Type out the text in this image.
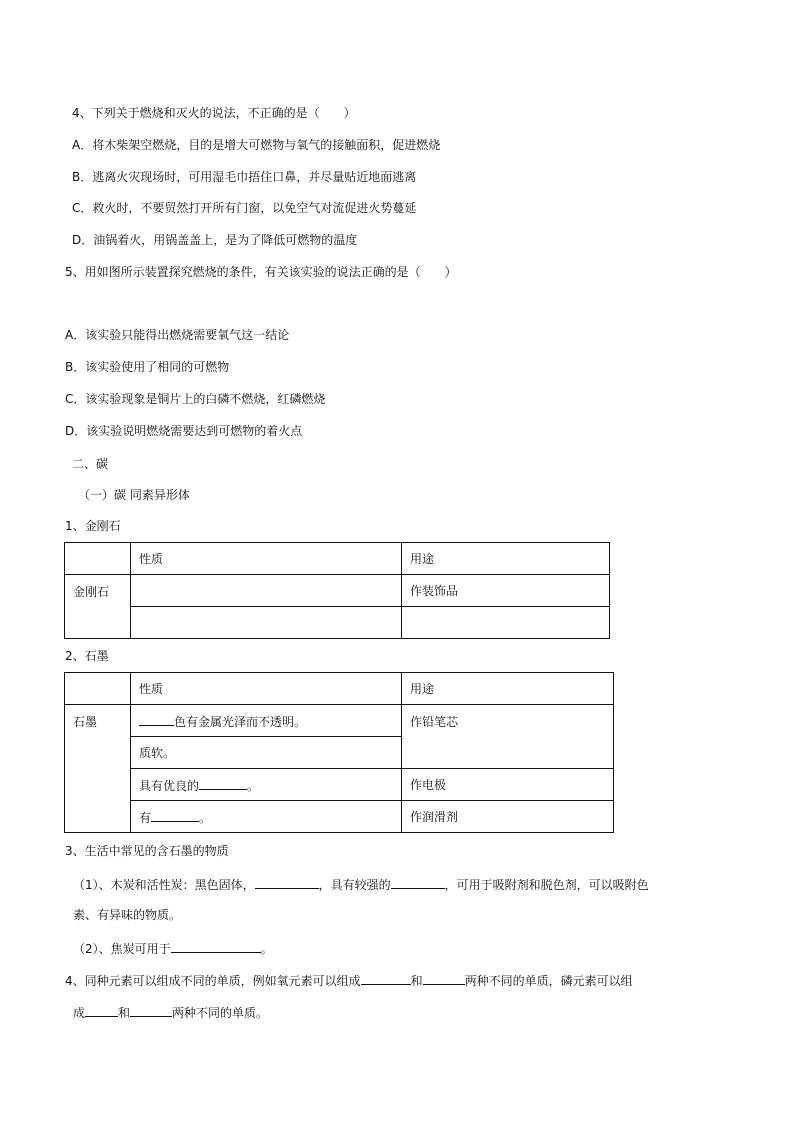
4、下列关于燃烧和灭火的说法，不正确的是（　　）
A．将木柴架空燃烧，目的是增大可燃物与氧气的接触面积，促进燃烧
B．逃离火灾现场时，可用湿毛巾捂住口鼻，并尽量贴近地面逃离
C．救火时，不要贸然打开所有门窗，以免空气对流促进火势蔓延
D．油锅着火，用锅盖盖上，是为了降低可燃物的温度
5、用如图所示装置探究燃烧的条件，有关该实验的说法正确的是（　　）
A．该实验只能得出燃烧需要氧气这一结论
B．该实验使用了相同的可燃物
C．该实验现象是铜片上的白磷不燃烧，红磷燃烧
D．该实验说明燃烧需要达到可燃物的着火点
二、碳
（一）碳 同素异形体
1、金刚石
	性质	用途
金刚石		作装饰品

2、石墨
	性质	用途
石墨	色有金属光泽而不透明。	作铅笔芯
	质软。	
	具有优良的 。	作电极
	有 。	作润滑剂
3、生活中常见的含石墨的物质
（1）、木炭和活性炭：黑色固体，	，具有较强的	，可用于吸附剂和脱色剂，可以吸附色
素、有异味的物质。
（2）、焦炭可用于	。
4、同种元素可以组成不同的单质，例如氧元素可以组成	和	两种不同的单质，磷元素可以组
成	和	两种不同的单质。
